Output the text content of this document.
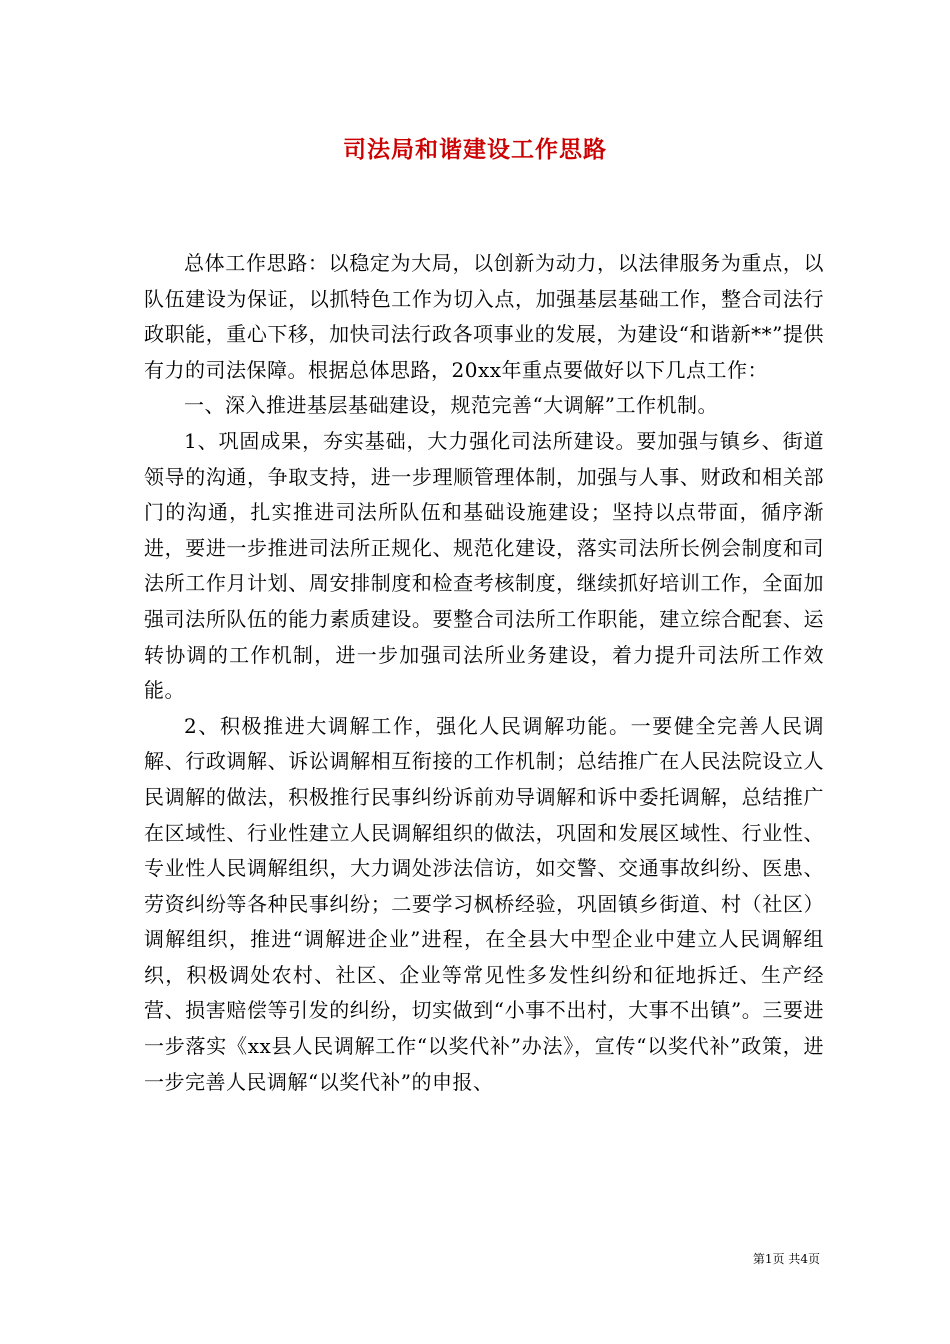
司法局和谐建设工作思路

总体工作思路：以稳定为大局，以创新为动力，以法律服务为重点，以队伍建设为保证，以抓特色工作为切入点，加强基层基础工作，整合司法行政职能，重心下移，加快司法行政各项事业的发展，为建设“和谐新**”提供有力的司法保障。根据总体思路，20xx年重点要做好以下几点工作：

一、深入推进基层基础建设，规范完善“大调解”工作机制。

1、巩固成果，夯实基础，大力强化司法所建设。要加强与镇乡、街道领导的沟通，争取支持，进一步理顺管理体制，加强与人事、财政和相关部门的沟通，扎实推进司法所队伍和基础设施建设；坚持以点带面，循序渐进，要进一步推进司法所正规化、规范化建设，落实司法所长例会制度和司法所工作月计划、周安排制度和检查考核制度，继续抓好培训工作，全面加强司法所队伍的能力素质建设。要整合司法所工作职能，建立综合配套、运转协调的工作机制，进一步加强司法所业务建设，着力提升司法所工作效能。

2、积极推进大调解工作，强化人民调解功能。一要健全完善人民调解、行政调解、诉讼调解相互衔接的工作机制；总结推广在人民法院设立人民调解的做法，积极推行民事纠纷诉前劝导调解和诉中委托调解，总结推广在区域性、行业性建立人民调解组织的做法，巩固和发展区域性、行业性、专业性人民调解组织，大力调处涉法信访，如交警、交通事故纠纷、医患、劳资纠纷等各种民事纠纷；二要学习枫桥经验，巩固镇乡街道、村（社区）调解组织，推进“调解进企业”进程，在全县大中型企业中建立人民调解组织，积极调处农村、社区、企业等常见性多发性纠纷和征地拆迁、生产经营、损害赔偿等引发的纠纷，切实做到“小事不出村，大事不出镇”。三要进一步落实《xx县人民调解工作“以奖代补”办法》，宣传“以奖代补”政策，进一步完善人民调解“以奖代补”的申报、

第1页 共4页
